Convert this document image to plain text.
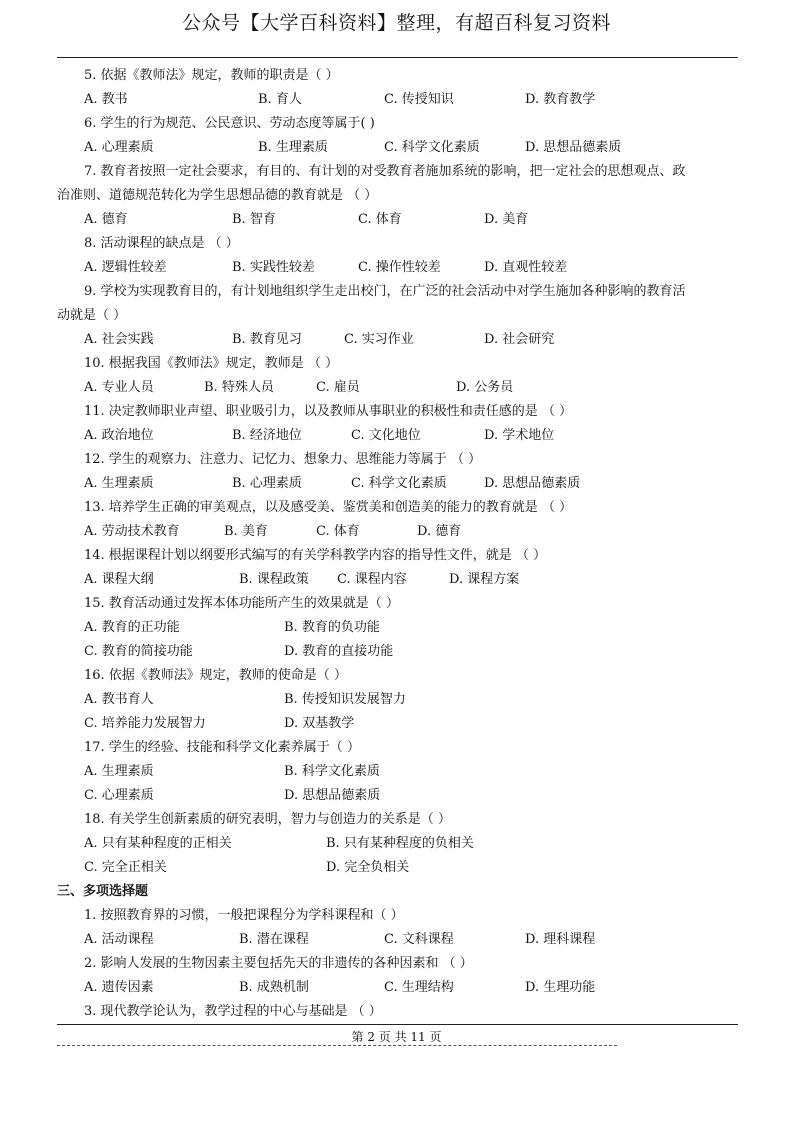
公众号【大学百科资料】整理，有超百科复习资料
5. 依据《教师法》规定，教师的职责是（ ）
A. 教书	B. 育人	C. 传授知识	D. 教育教学
6. 学生的行为规范、公民意识、劳动态度等属于( )
A. 心理素质	B. 生理素质	C. 科学文化素质	D. 思想品德素质
7. 教育者按照一定社会要求，有目的、有计划的对受教育者施加系统的影响，把一定社会的思想观点、政
治准则、道德规范转化为学生思想品德的教育就是 （ ）
A. 德育	B. 智育	C. 体育	D. 美育
8. 活动课程的缺点是 （ ）
A. 逻辑性较差	B. 实践性较差	C. 操作性较差	D. 直观性较差
9. 学校为实现教育目的，有计划地组织学生走出校门，在广泛的社会活动中对学生施加各种影响的教育活
动就是（ ）
A. 社会实践	B. 教育见习	C. 实习作业	D. 社会研究
10. 根据我国《教师法》规定，教师是 （ ）
A. 专业人员	B. 特殊人员	C. 雇员	D. 公务员
11. 决定教师职业声望、职业吸引力，以及教师从事职业的积极性和责任感的是 （ ）
A. 政治地位	B. 经济地位	C. 文化地位	D. 学术地位
12. 学生的观察力、注意力、记忆力、想象力、思维能力等属于 （ ）
A. 生理素质	B. 心理素质	C. 科学文化素质	D. 思想品德素质
13. 培养学生正确的审美观点，以及感受美、鉴赏美和创造美的能力的教育就是 （ ）
A. 劳动技术教育	B. 美育	C. 体育	D. 德育
14. 根据课程计划以纲要形式编写的有关学科教学内容的指导性文件，就是 （ ）
A. 课程大纲	B. 课程政策 C. 课程内容	D. 课程方案
15. 教育活动通过发挥本体功能所产生的效果就是（ ）
A. 教育的正功能	B. 教育的负功能
C. 教育的简接功能	D. 教育的直接功能
16. 依据《教师法》规定，教师的使命是（ ）
A. 教书育人	B. 传授知识发展智力
C. 培养能力发展智力	D. 双基教学
17. 学生的经验、技能和科学文化素养属于（ ）
A. 生理素质	B. 科学文化素质
C. 心理素质	D. 思想品德素质
18. 有关学生创新素质的研究表明，智力与创造力的关系是（ ）
A. 只有某种程度的正相关	B. 只有某种程度的负相关
C. 完全正相关	D. 完全负相关
三、多项选择题
1. 按照教育界的习惯，一般把课程分为学科课程和（ ）
A. 活动课程	B. 潜在课程	C. 文科课程	D. 理科课程
2. 影响人发展的生物因素主要包括先天的非遗传的各种因素和 （ ）
A. 遗传因素	B. 成熟机制	C. 生理结构	D. 生理功能
3. 现代教学论认为，教学过程的中心与基础是 （ ）
第 2 页 共 11 页
